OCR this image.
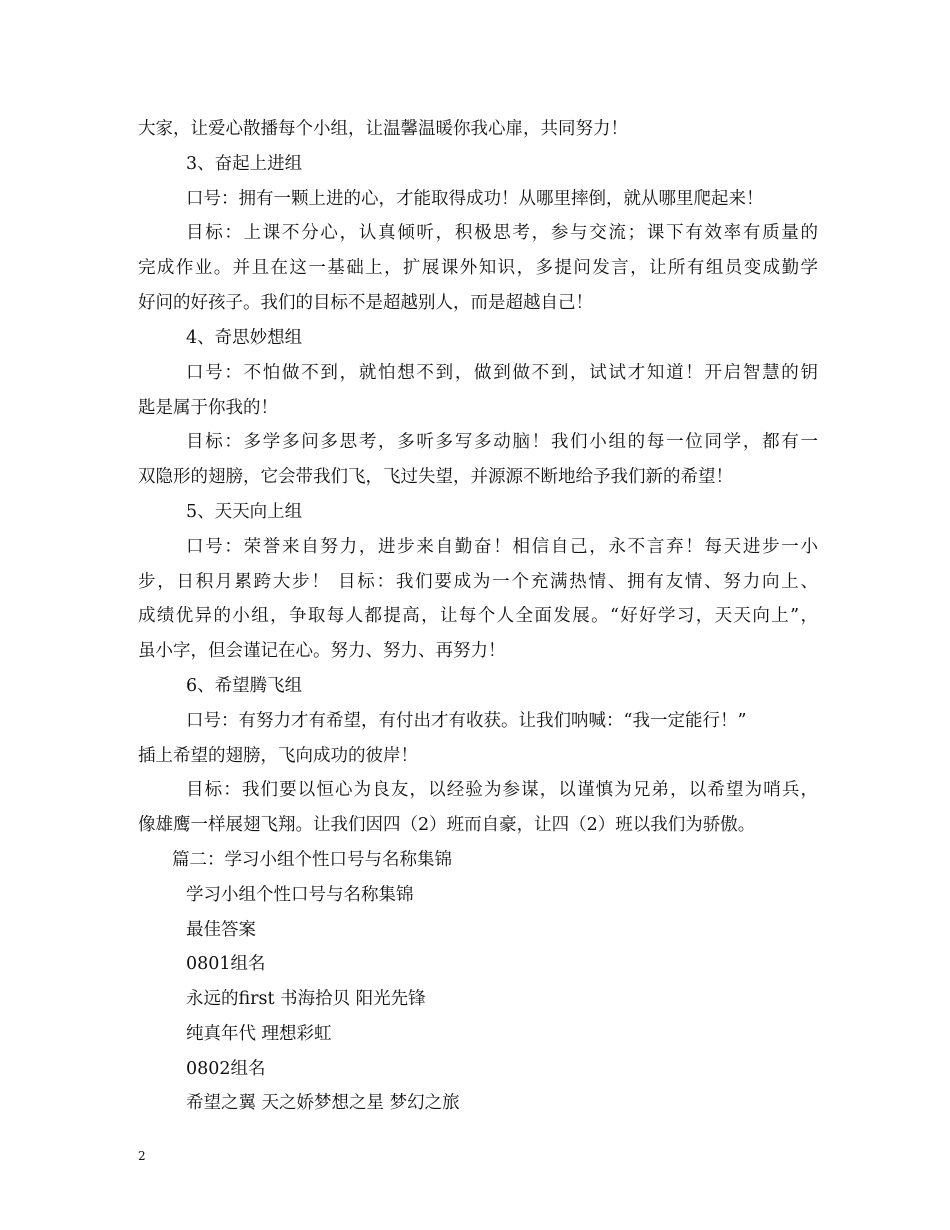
大家，让爱心散播每个小组，让温馨温暖你我心扉，共同努力！
3、奋起上进组
口号：拥有一颗上进的心，才能取得成功！从哪里摔倒，就从哪里爬起来！
目标：上课不分心，认真倾听，积极思考，参与交流；课下有效率有质量的
完成作业。并且在这一基础上，扩展课外知识，多提问发言，让所有组员变成勤学
好问的好孩子。我们的目标不是超越别人，而是超越自己！
4、奇思妙想组
口号：不怕做不到，就怕想不到，做到做不到，试试才知道！开启智慧的钥
匙是属于你我的！
目标：多学多问多思考，多听多写多动脑！我们小组的每一位同学，都有一
双隐形的翅膀，它会带我们飞，飞过失望，并源源不断地给予我们新的希望！
5、天天向上组
口号：荣誉来自努力，进步来自勤奋！相信自己，永不言弃！每天进步一小
步，日积月累跨大步！ 目标：我们要成为一个充满热情、拥有友情、努力向上、
成绩优异的小组，争取每人都提高，让每个人全面发展。“好好学习，天天向上”，
虽小字，但会谨记在心。努力、努力、再努力！
6、希望腾飞组
口号：有努力才有希望，有付出才有收获。让我们呐喊：“我一定能行！”
插上希望的翅膀，飞向成功的彼岸！
目标：我们要以恒心为良友，以经验为参谋，以谨慎为兄弟，以希望为哨兵，
像雄鹰一样展翅飞翔。让我们因四（2）班而自豪，让四（2）班以我们为骄傲。
篇二：学习小组个性口号与名称集锦
学习小组个性口号与名称集锦
最佳答案
0801组名
永远的first 书海拾贝 阳光先锋
纯真年代 理想彩虹
0802组名
希望之翼 天之娇梦想之星 梦幻之旅
2
